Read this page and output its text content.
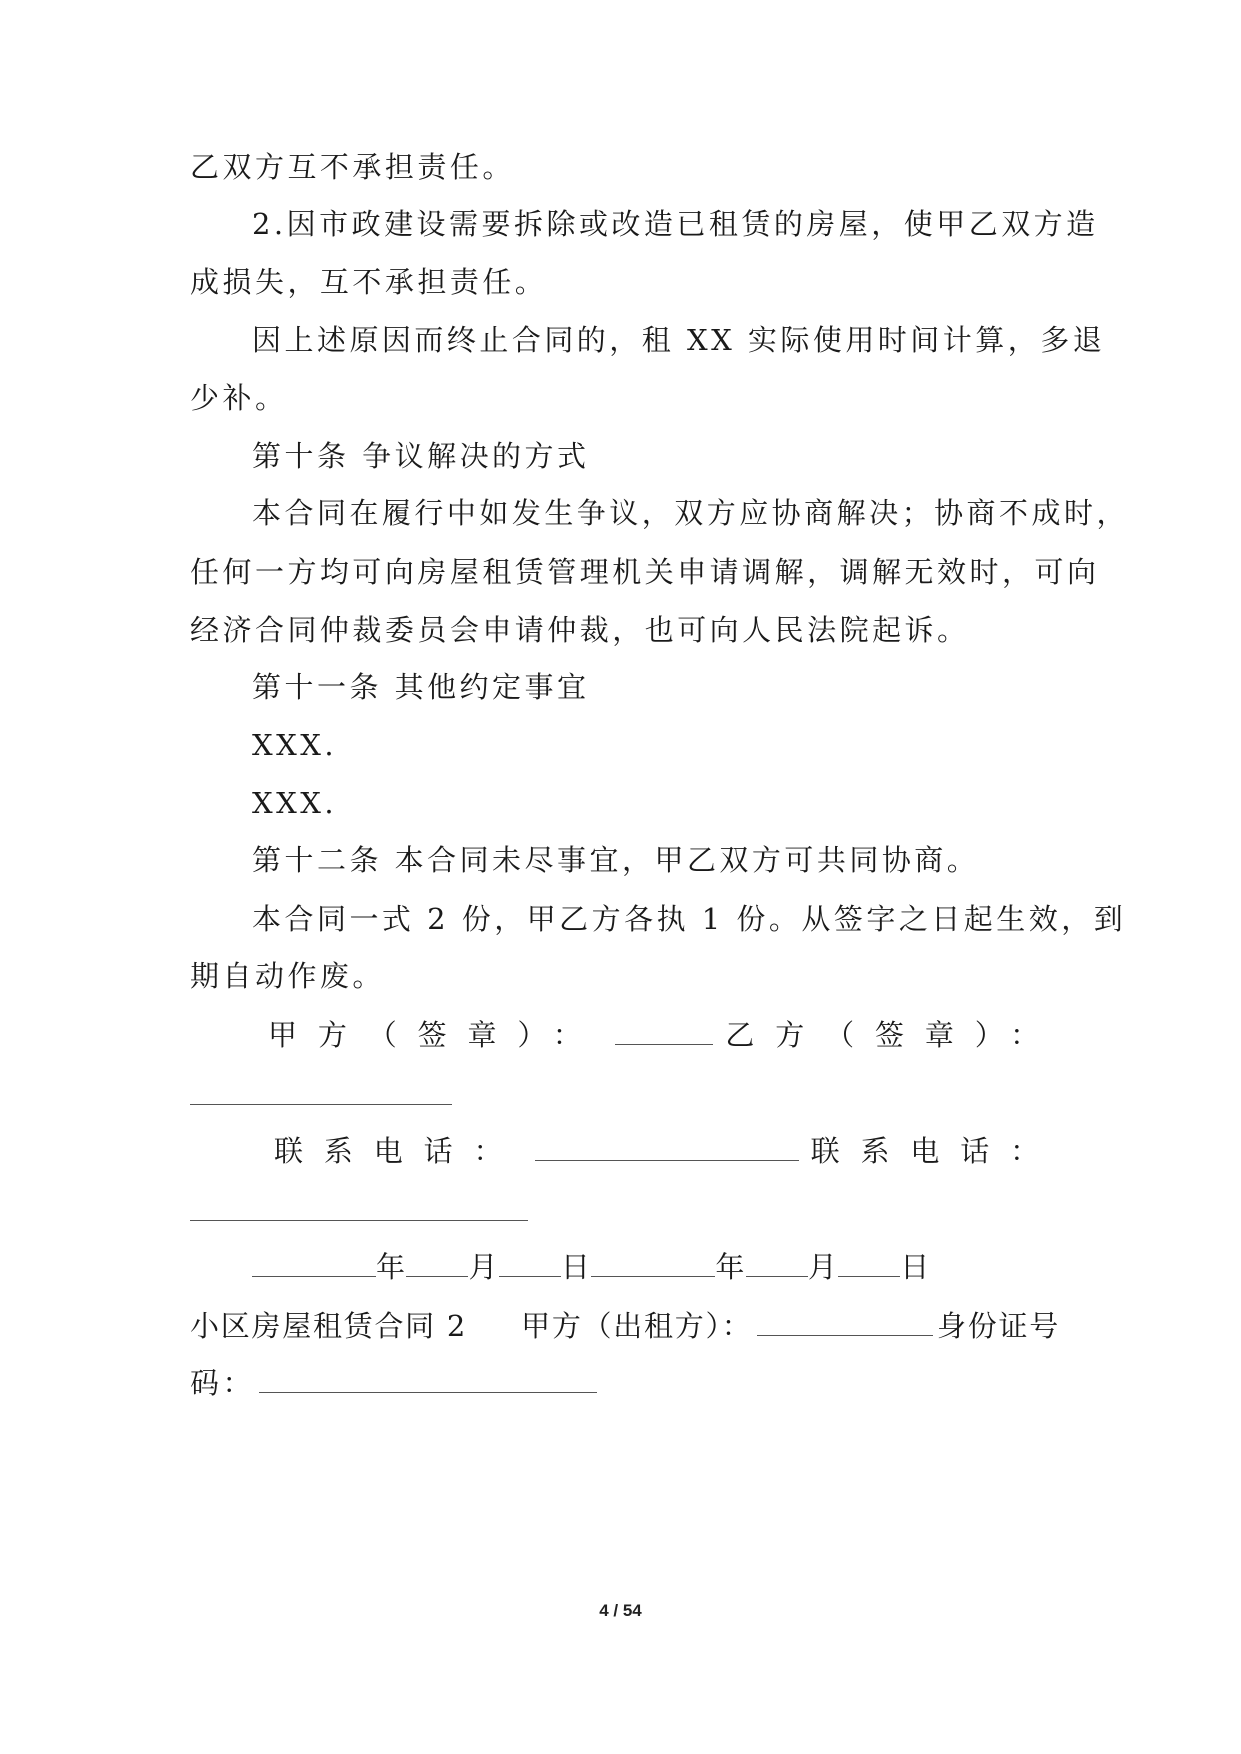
乙双方互不承担责任。
2.因市政建设需要拆除或改造已租赁的房屋，使甲乙双方造
成损失，互不承担责任。
因上述原因而终止合同的，租 XX 实际使用时间计算，多退
少补。
第十条 争议解决的方式
本合同在履行中如发生争议，双方应协商解决；协商不成时，
任何一方均可向房屋租赁管理机关申请调解，调解无效时，可向
经济合同仲裁委员会申请仲裁，也可向人民法院起诉。
第十一条 其他约定事宜
XXX.
XXX.
第十二条 本合同未尽事宜，甲乙双方可共同协商。
本合同一式 2 份，甲乙方各执 1 份。从签字之日起生效，到
期自动作废。
甲方（签章）：	乙方（签章）：
联系电话：	联系电话：
年 月 日	年 月 日
小区房屋租赁合同 2 甲方（出租方）：	身份证号
码：
4 / 54
